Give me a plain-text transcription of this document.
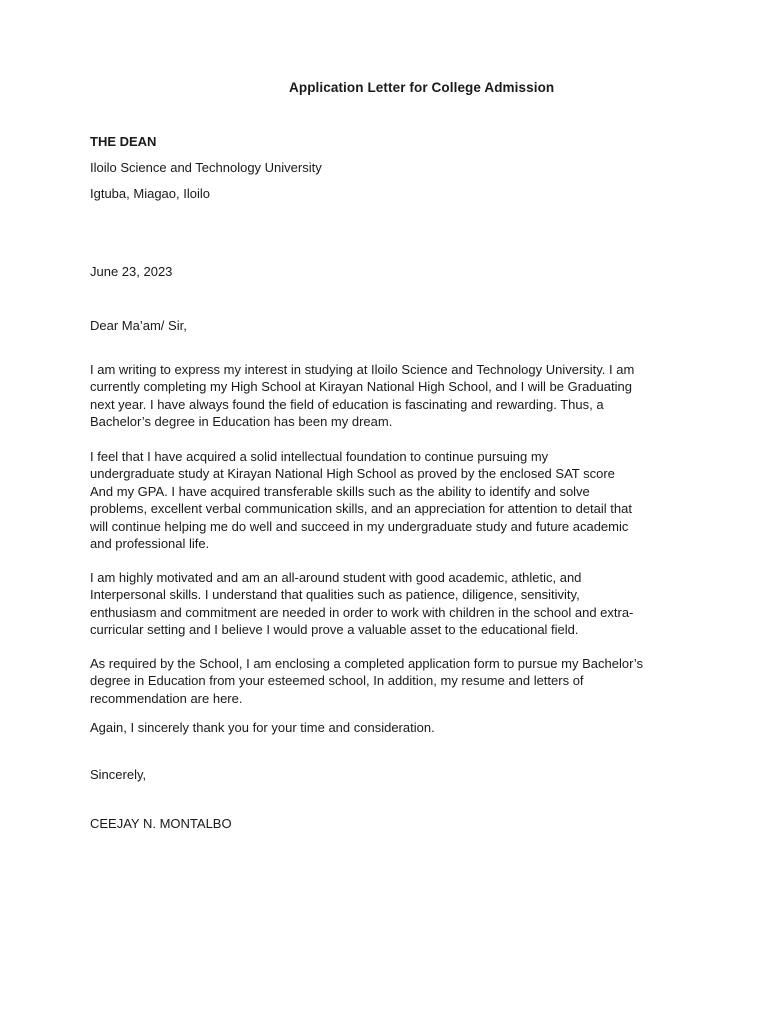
Application Letter for College Admission
THE DEAN
Iloilo Science and Technology University
Igtuba, Miagao, Iloilo
June 23, 2023
Dear Ma’am/ Sir,
I am writing to express my interest in studying at Iloilo Science and Technology University. I am
currently completing my High School at Kirayan National High School, and I will be Graduating
next year. I have always found the field of education is fascinating and rewarding. Thus, a
Bachelor’s degree in Education has been my dream.
I feel that I have acquired a solid intellectual foundation to continue pursuing my
undergraduate study at Kirayan National High School as proved by the enclosed SAT score
And my GPA. I have acquired transferable skills such as the ability to identify and solve
problems, excellent verbal communication skills, and an appreciation for attention to detail that
will continue helping me do well and succeed in my undergraduate study and future academic
and professional life.
I am highly motivated and am an all-around student with good academic, athletic, and
Interpersonal skills. I understand that qualities such as patience, diligence, sensitivity,
enthusiasm and commitment are needed in order to work with children in the school and extra-
curricular setting and I believe I would prove a valuable asset to the educational field.
As required by the School, I am enclosing a completed application form to pursue my Bachelor’s
degree in Education from your esteemed school, In addition, my resume and letters of
recommendation are here.
Again, I sincerely thank you for your time and consideration.
Sincerely,
CEEJAY N. MONTALBO
